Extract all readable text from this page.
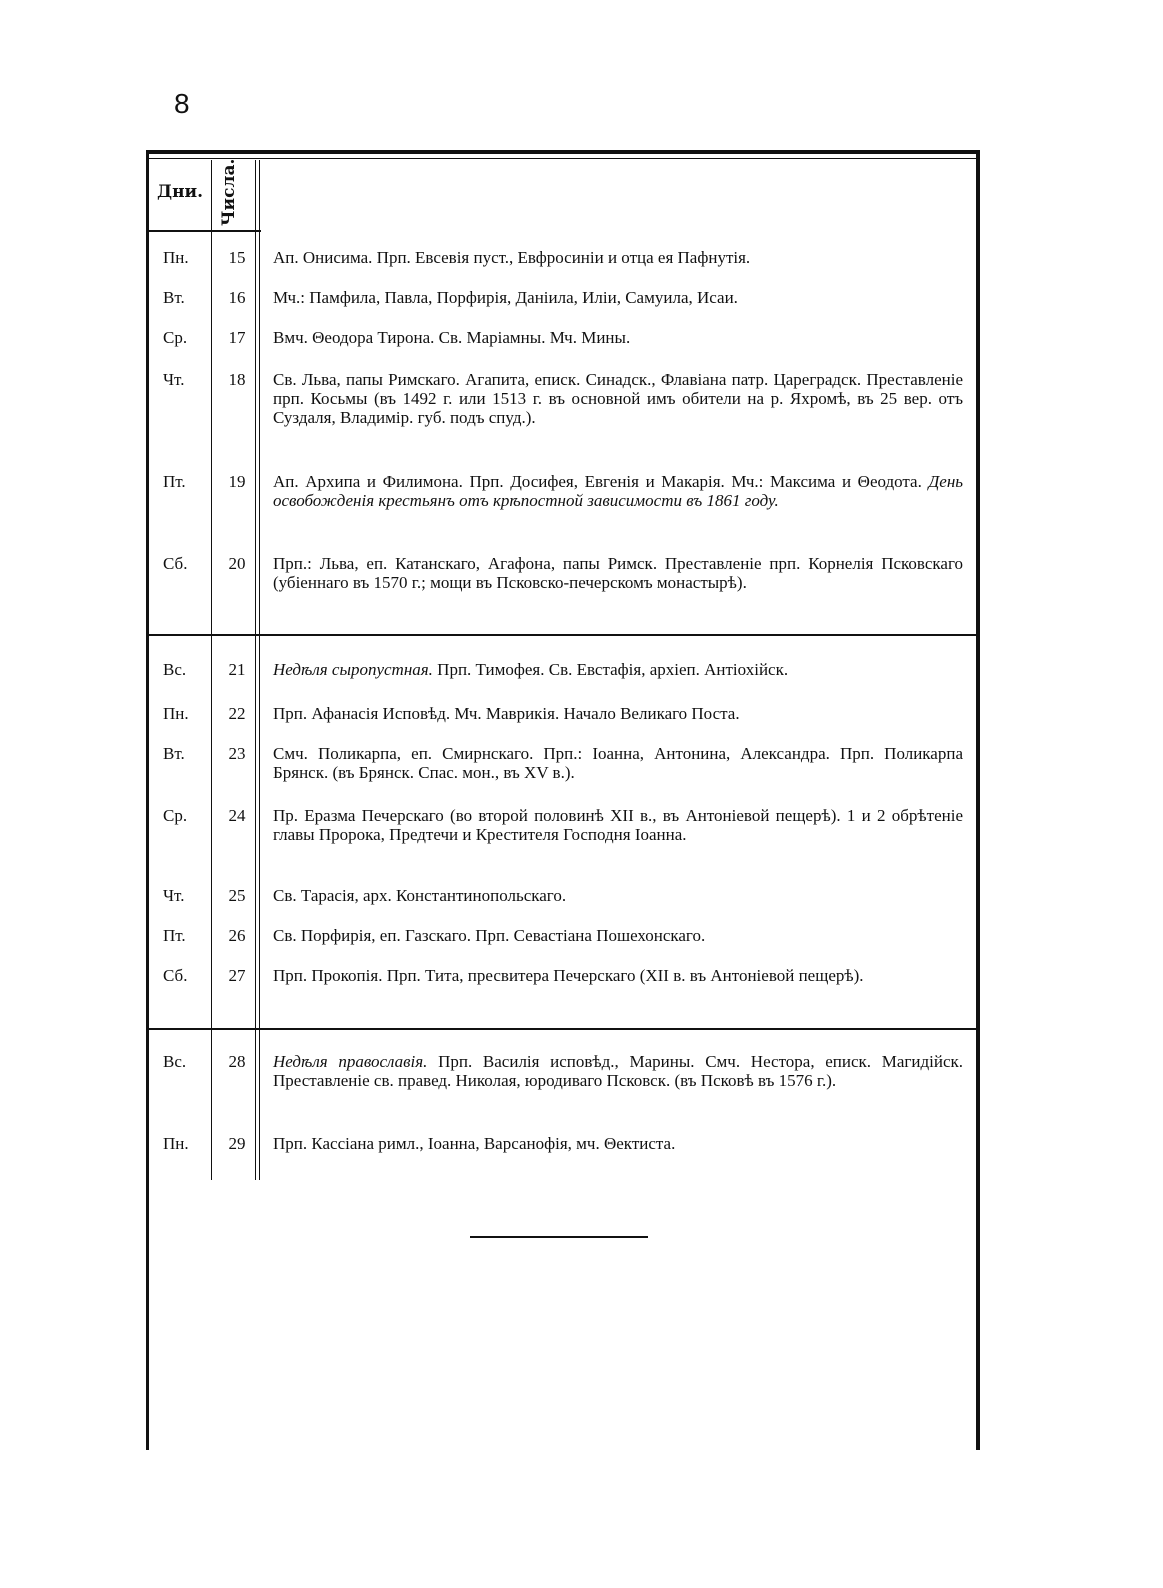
8
Дни. Числа.
Пн.	15	Ап. Онисима. Прп. Евсевія пуст., Евфросиніи и отца ея Пафнутія.
Вт.	16	Мч.: Памфила, Павла, Порфирія, Даніила, Иліи, Самуила, Исаи.
Ср.	17	Вмч. Θеодора Тирона. Св. Маріамны. Мч. Мины.
Чт.	18	Св. Льва, папы Римскаго. Агапита, еписк. Синадск., Флавіана патр. Цареградск. Преставленіе прп. Косьмы (въ 1492 г. или 1513 г. въ основной имъ обители на р. Яхромѣ, въ 25 вер. отъ Суздаля, Владимір. губ. подъ спуд.).
Пт.	19	Ап. Архипа и Филимона. Прп. Досифея, Евгенія и Макарія. Мч.: Максима и Θеодота. День освобожденія крестьянъ отъ крѣпостной зависимости въ 1861 году.
Сб.	20	Прп.: Льва, еп. Катанскаго, Агафона, папы Римск. Преставленіе прп. Корнелія Псковскаго (убіеннаго въ 1570 г.; мощи въ Псковско-печерскомъ монастырѣ).
Вс.	21	Недѣля сыропустная. Прп. Тимофея. Св. Евстафія, архіеп. Антіохійск.
Пн.	22	Прп. Афанасія Исповѣд. Мч. Маврикія. Начало Великаго Поста.
Вт.	23	Смч. Поликарпа, еп. Смирнскаго. Прп.: Іоанна, Антонина, Александра. Прп. Поликарпа Брянск. (въ Брянск. Спас. мон., въ XV в.).
Ср.	24	Пр. Еразма Печерскаго (во второй половинѣ XII в., въ Антоніевой пещерѣ). 1 и 2 обрѣтеніе главы Пророка, Предтечи и Крестителя Господня Іоанна.
Чт.	25	Св. Тарасія, арх. Константинопольскаго.
Пт.	26	Св. Порфирія, еп. Газскаго. Прп. Севастіана Пошехонскаго.
Сб.	27	Прп. Прокопія. Прп. Тита, пресвитера Печерскаго (XII в. въ Антоніевой пещерѣ).
Вс.	28	Недѣля православія. Прп. Василія исповѣд., Марины. Смч. Нестора, еписк. Магидійск. Преставленіе св. правед. Николая, юродиваго Псковск. (въ Псковѣ въ 1576 г.).
Пн.	29	Прп. Кассіана римл., Іоанна, Варсанофія, мч. Θектиста.
